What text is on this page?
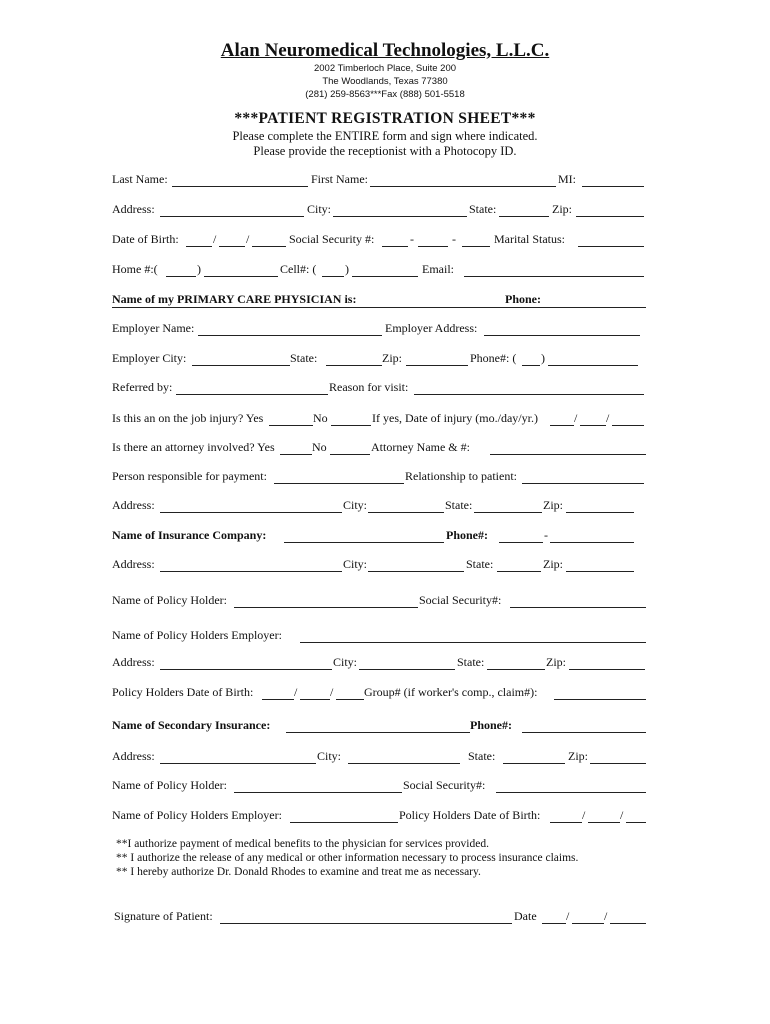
Alan Neuromedical Technologies, L.L.C.
2002 Timberloch Place, Suite 200
The Woodlands, Texas 77380
(281) 259-8563***Fax (888) 501-5518
***PATIENT REGISTRATION SHEET***
Please complete the ENTIRE form and sign where indicated.
Please provide the receptionist with a Photocopy ID.
Last Name:	First Name:	MI:
Address:	City:	State:	Zip:
Date of Birth:	/ /	Social Security #:	-	-	Marital Status:
Home #:(	)	Cell#: ( )	Email:
Name of my PRIMARY CARE PHYSICIAN is:	Phone:
Employer Name:	Employer Address:
Employer City:	State:	Zip:	Phone#: ( )
Referred by:	Reason for visit:
Is this an on the job injury? Yes	No	If yes, Date of injury (mo./day/yr.)	/ /
Is there an attorney involved? Yes	No	Attorney Name & #:
Person responsible for payment:	Relationship to patient:
Address:	City:	State:	Zip:
Name of Insurance Company:	Phone#:	-
Address:	City:	State:	Zip:
Name of Policy Holder:	Social Security#:
Name of Policy Holders Employer:
Address:	City:	State:	Zip:
Policy Holders Date of Birth:	/	/	Group# (if worker's comp., claim#):
Name of Secondary Insurance:	Phone#:
Address:	City:	State:	Zip:
Name of Policy Holder:	Social Security#:
Name of Policy Holders Employer:	Policy Holders Date of Birth:	/	/
**I authorize payment of medical benefits to the physician for services provided.
** I authorize the release of any medical or other information necessary to process insurance claims.
** I hereby authorize Dr. Donald Rhodes to examine and treat me as necessary.
Signature of Patient:	Date /	/
